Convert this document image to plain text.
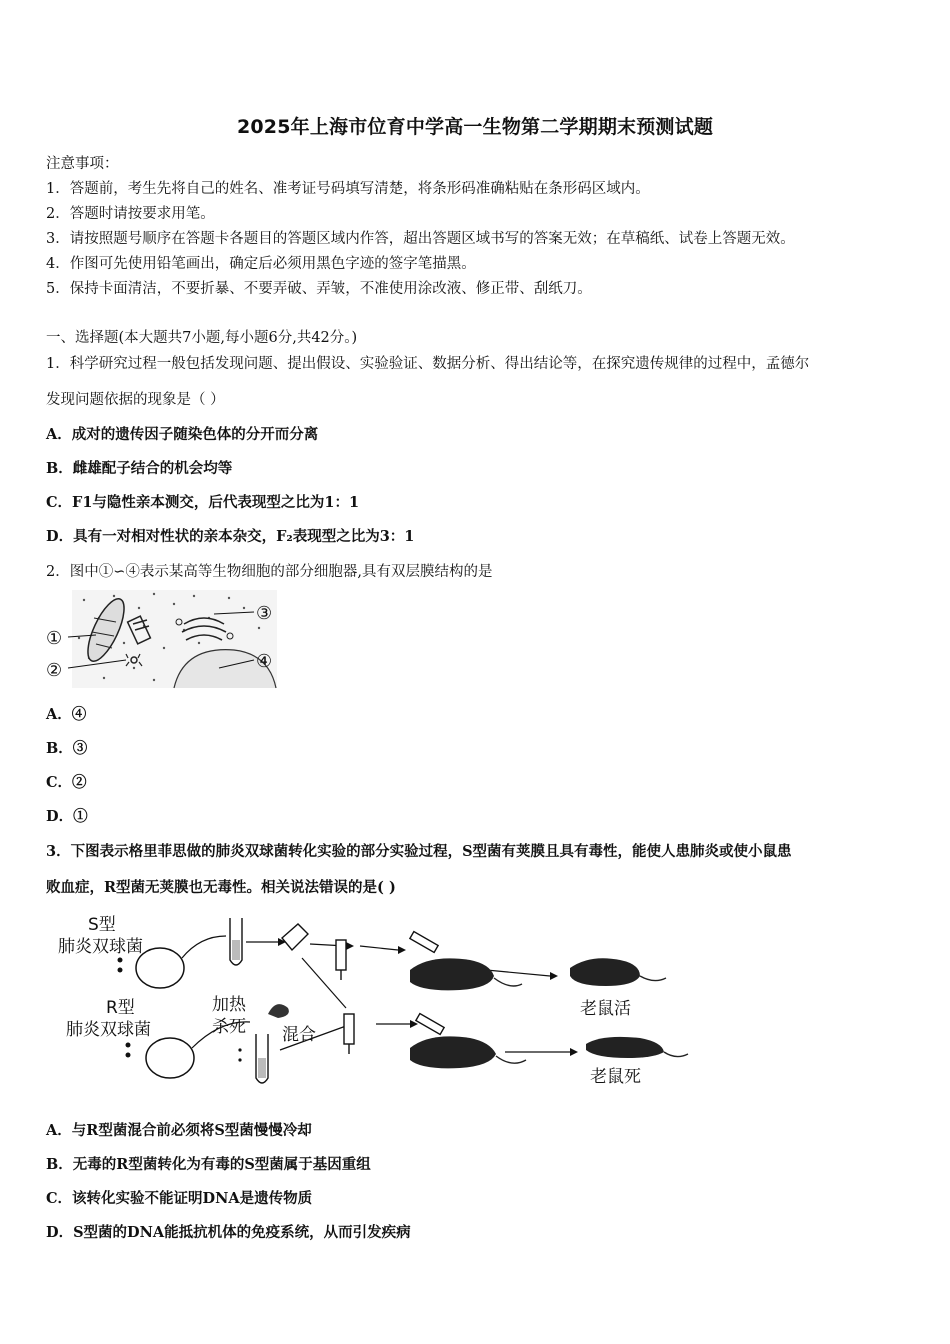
2025年上海市位育中学高一生物第二学期期末预测试题
注意事项：
1．答题前，考生先将自己的姓名、准考证号码填写清楚，将条形码准确粘贴在条形码区域内。
2．答题时请按要求用笔。
3．请按照题号顺序在答题卡各题目的答题区域内作答，超出答题区域书写的答案无效；在草稿纸、试卷上答题无效。
4．作图可先使用铅笔画出，确定后必须用黑色字迹的签字笔描黑。
5．保持卡面清洁，不要折暴、不要弄破、弄皱，不准使用涂改液、修正带、刮纸刀。
一、选择题(本大题共7小题,每小题6分,共42分。)
1．科学研究过程一般包括发现问题、提出假设、实验验证、数据分析、得出结论等，在探究遗传规律的过程中，孟德尔
发现问题依据的现象是（ ）
A．成对的遗传因子随染色体的分开而分离
B．雌雄配子结合的机会均等
C．F1与隐性亲本测交，后代表现型之比为1：1
D．具有一对相对性状的亲本杂交，F₂表现型之比为3：1
2．图中①∽④表示某高等生物细胞的部分细胞器,具有双层膜结构的是
①
②
③
④
A．④
B．③
C．②
D．①
3．下图表示格里菲思做的肺炎双球菌转化实验的部分实验过程，S型菌有荚膜且具有毒性，能使人患肺炎或使小鼠患
败血症，R型菌无荚膜也无毒性。相关说法错误的是( )
S型
肺炎双球菌
R型
肺炎双球菌
加热
杀死 混合
老鼠活
老鼠死
A．与R型菌混合前必须将S型菌慢慢冷却
B．无毒的R型菌转化为有毒的S型菌属于基因重组
C．该转化实验不能证明DNA是遗传物质
D．S型菌的DNA能抵抗机体的免疫系统，从而引发疾病
